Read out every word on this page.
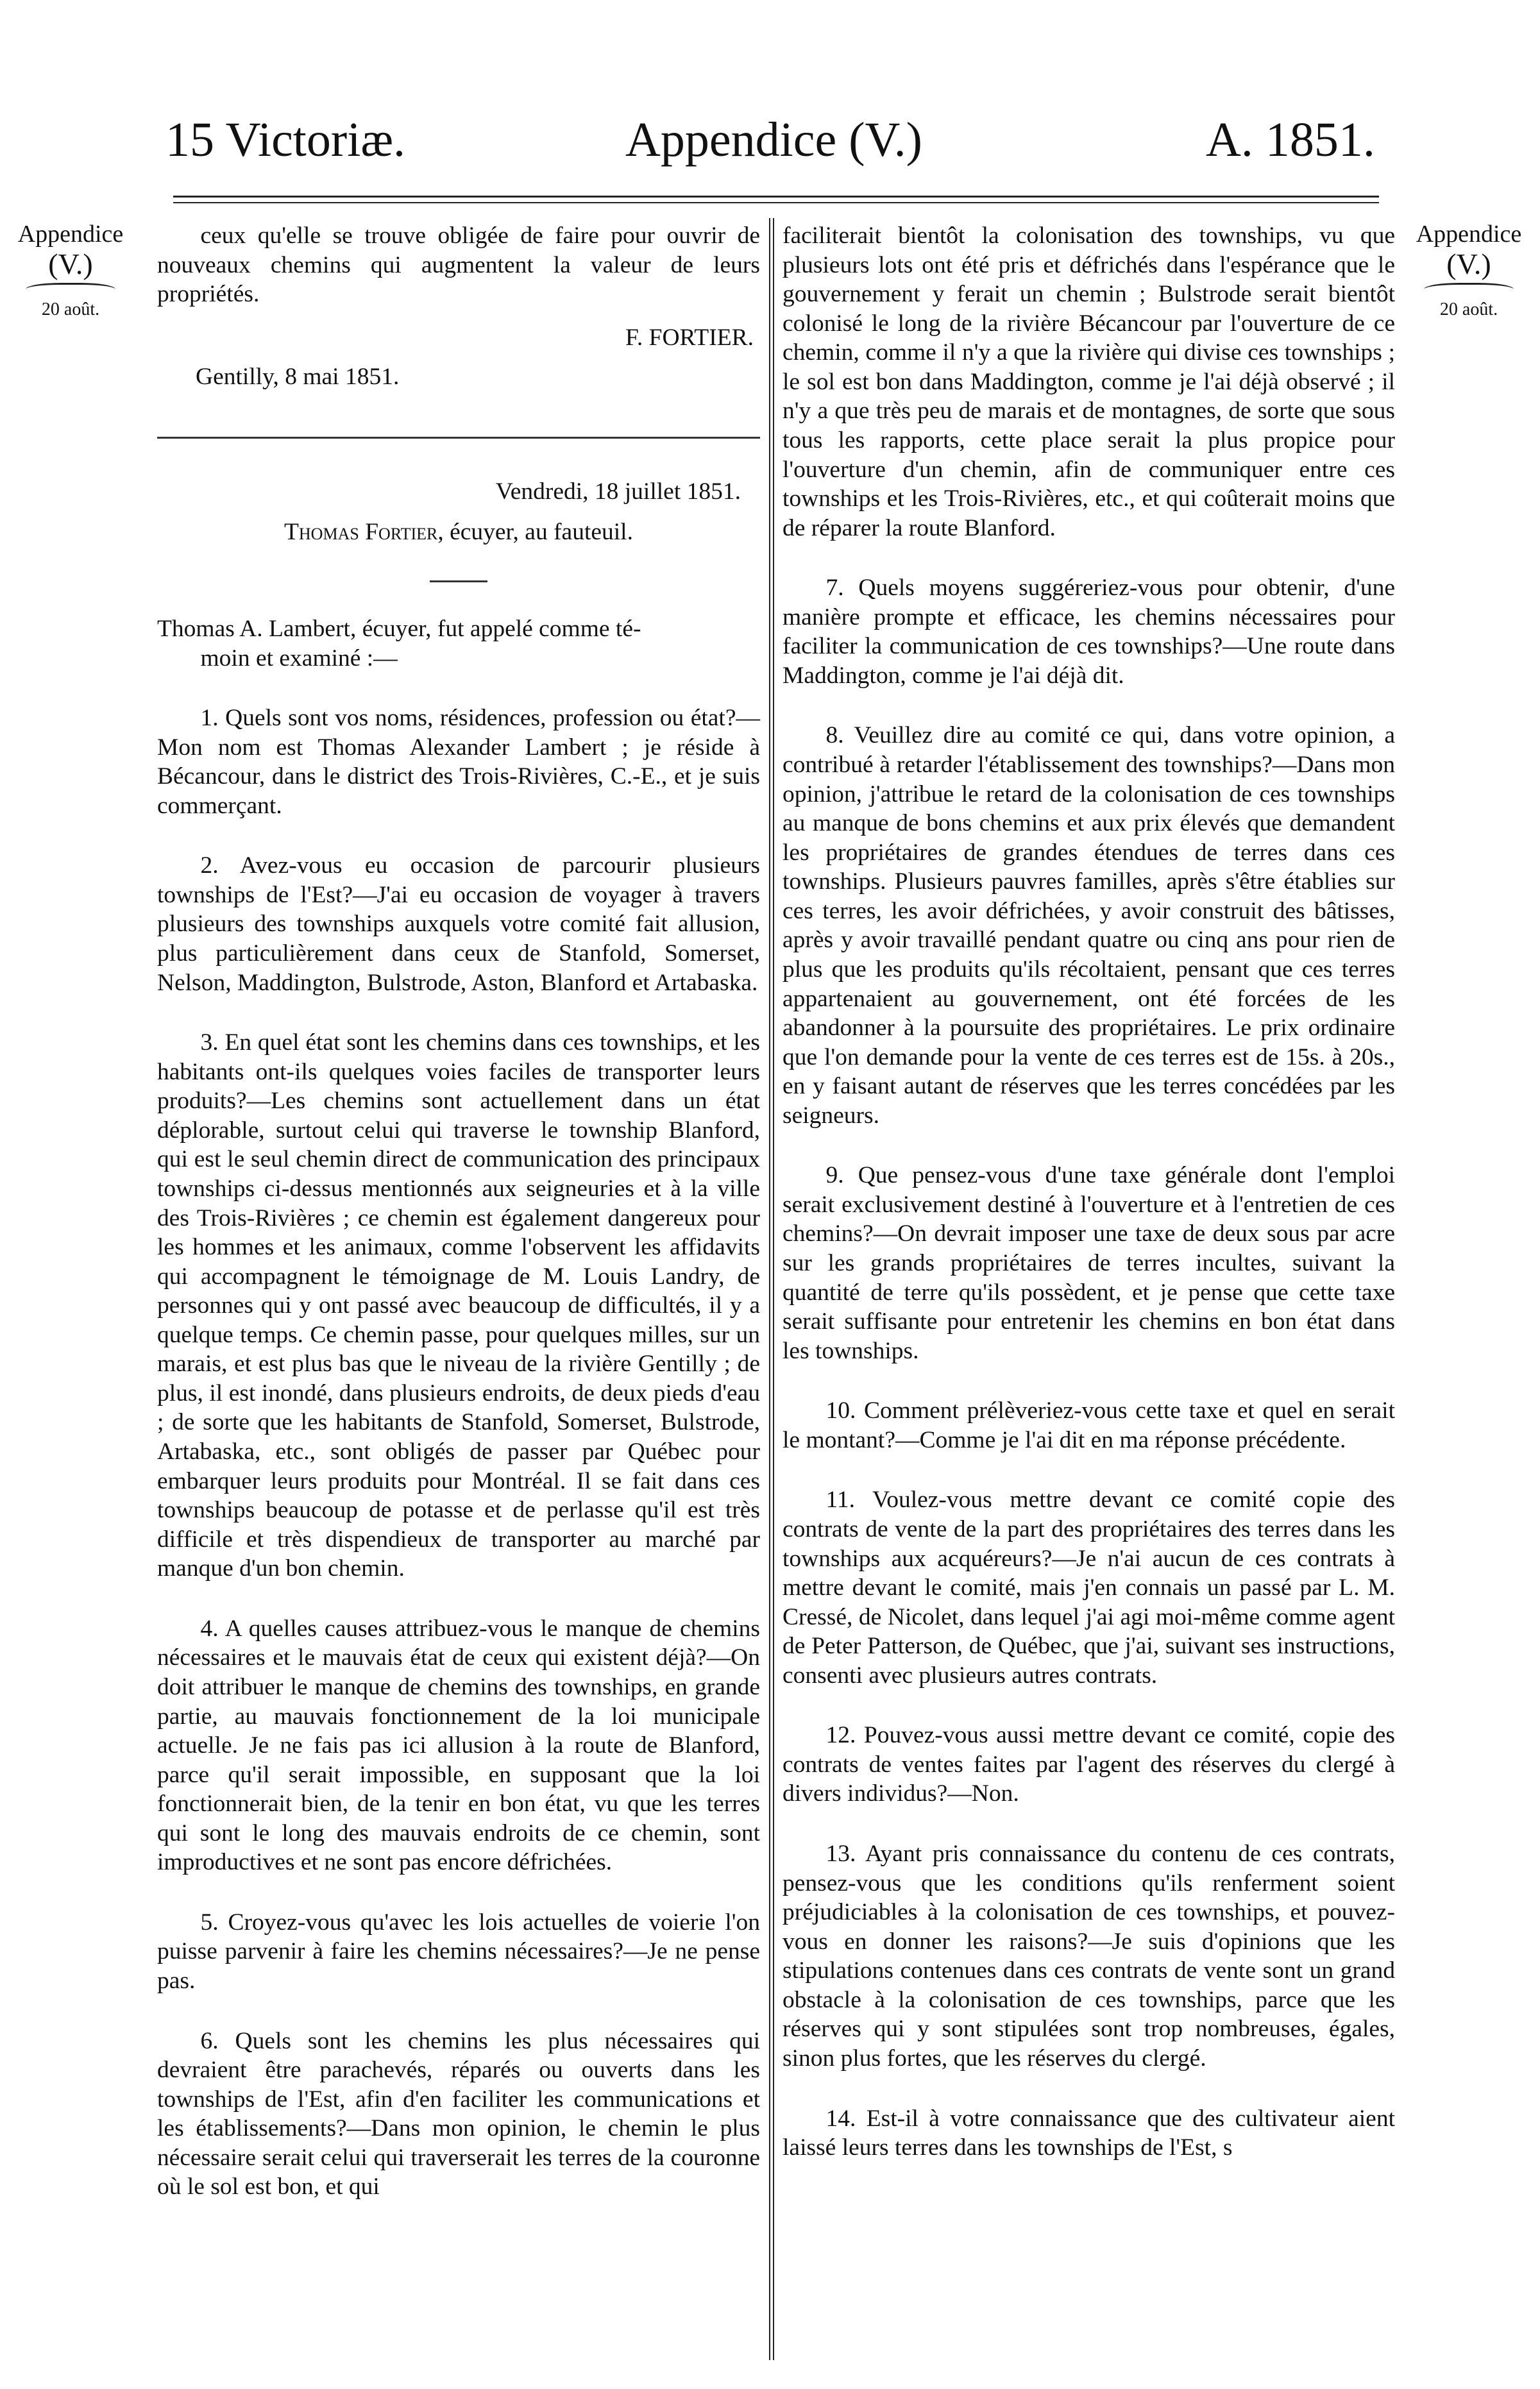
15 Victoriæ.	Appendice (V.)	A. 1851.
Appendice
(V.)
20 août.
Appendice
(V.)
20 août.

ceux qu'elle se trouve obligée de faire pour ouvrir de nouveaux chemins qui augmentent la valeur de leurs propriétés.

F. FORTIER.

Gentilly, 8 mai 1851.

Vendredi, 18 juillet 1851.

Thomas Fortier, écuyer, au fauteuil.

Thomas A. Lambert, écuyer, fut appelé comme té-
moin et examiné :—

1. Quels sont vos noms, résidences, profession ou état?—Mon nom est Thomas Alexander Lambert ; je réside à Bécancour, dans le district des Trois-Rivières, C.-E., et je suis commerçant.

2. Avez-vous eu occasion de parcourir plusieurs townships de l'Est?—J'ai eu occasion de voyager à travers plusieurs des townships auxquels votre comité fait allusion, plus particulièrement dans ceux de Stanfold, Somerset, Nelson, Maddington, Bulstrode, Aston, Blanford et Artabaska.

3. En quel état sont les chemins dans ces townships, et les habitants ont-ils quelques voies faciles de transporter leurs produits?—Les chemins sont actuellement dans un état déplorable, surtout celui qui traverse le township Blanford, qui est le seul chemin direct de communication des principaux townships ci-dessus mentionnés aux seigneuries et à la ville des Trois-Rivières ; ce chemin est également dangereux pour les hommes et les animaux, comme l'observent les affidavits qui accompagnent le témoignage de M. Louis Landry, de personnes qui y ont passé avec beaucoup de difficultés, il y a quelque temps. Ce chemin passe, pour quelques milles, sur un marais, et est plus bas que le niveau de la rivière Gentilly ; de plus, il est inondé, dans plusieurs endroits, de deux pieds d'eau ; de sorte que les habitants de Stanfold, Somerset, Bulstrode, Artabaska, etc., sont obligés de passer par Québec pour embarquer leurs produits pour Montréal. Il se fait dans ces townships beaucoup de potasse et de perlasse qu'il est très difficile et très dispendieux de transporter au marché par manque d'un bon chemin.

4. A quelles causes attribuez-vous le manque de chemins nécessaires et le mauvais état de ceux qui existent déjà?—On doit attribuer le manque de chemins des townships, en grande partie, au mauvais fonctionnement de la loi municipale actuelle. Je ne fais pas ici allusion à la route de Blanford, parce qu'il serait impossible, en supposant que la loi fonctionnerait bien, de la tenir en bon état, vu que les terres qui sont le long des mauvais endroits de ce chemin, sont improductives et ne sont pas encore défrichées.

5. Croyez-vous qu'avec les lois actuelles de voierie l'on puisse parvenir à faire les chemins nécessaires?—Je ne pense pas.

6. Quels sont les chemins les plus nécessaires qui devraient être parachevés, réparés ou ouverts dans les townships de l'Est, afin d'en faciliter les communications et les établissements?—Dans mon opinion, le chemin le plus nécessaire serait celui qui traverserait les terres de la couronne où le sol est bon, et qui

faciliterait bientôt la colonisation des townships, vu que plusieurs lots ont été pris et défrichés dans l'espérance que le gouvernement y ferait un chemin ; Bulstrode serait bientôt colonisé le long de la rivière Bécancour par l'ouverture de ce chemin, comme il n'y a que la rivière qui divise ces townships ; le sol est bon dans Maddington, comme je l'ai déjà observé ; il n'y a que très peu de marais et de montagnes, de sorte que sous tous les rapports, cette place serait la plus propice pour l'ouverture d'un chemin, afin de communiquer entre ces townships et les Trois-Rivières, etc., et qui coûterait moins que de réparer la route Blanford.

7. Quels moyens suggéreriez-vous pour obtenir, d'une manière prompte et efficace, les chemins nécessaires pour faciliter la communication de ces townships?—Une route dans Maddington, comme je l'ai déjà dit.

8. Veuillez dire au comité ce qui, dans votre opinion, a contribué à retarder l'établissement des townships?—Dans mon opinion, j'attribue le retard de la colonisation de ces townships au manque de bons chemins et aux prix élevés que demandent les propriétaires de grandes étendues de terres dans ces townships. Plusieurs pauvres familles, après s'être établies sur ces terres, les avoir défrichées, y avoir construit des bâtisses, après y avoir travaillé pendant quatre ou cinq ans pour rien de plus que les produits qu'ils récoltaient, pensant que ces terres appartenaient au gouvernement, ont été forcées de les abandonner à la poursuite des propriétaires. Le prix ordinaire que l'on demande pour la vente de ces terres est de 15s. à 20s., en y faisant autant de réserves que les terres concédées par les seigneurs.

9. Que pensez-vous d'une taxe générale dont l'emploi serait exclusivement destiné à l'ouverture et à l'entretien de ces chemins?—On devrait imposer une taxe de deux sous par acre sur les grands propriétaires de terres incultes, suivant la quantité de terre qu'ils possèdent, et je pense que cette taxe serait suffisante pour entretenir les chemins en bon état dans les townships.

10. Comment prélèveriez-vous cette taxe et quel en serait le montant?—Comme je l'ai dit en ma réponse précédente.

11. Voulez-vous mettre devant ce comité copie des contrats de vente de la part des propriétaires des terres dans les townships aux acquéreurs?—Je n'ai aucun de ces contrats à mettre devant le comité, mais j'en connais un passé par L. M. Cressé, de Nicolet, dans lequel j'ai agi moi-même comme agent de Peter Patterson, de Québec, que j'ai, suivant ses instructions, consenti avec plusieurs autres contrats.

12. Pouvez-vous aussi mettre devant ce comité, copie des contrats de ventes faites par l'agent des réserves du clergé à divers individus?—Non.

13. Ayant pris connaissance du contenu de ces contrats, pensez-vous que les conditions qu'ils renferment soient préjudiciables à la colonisation de ces townships, et pouvez-vous en donner les raisons?—Je suis d'opinions que les stipulations contenues dans ces contrats de vente sont un grand obstacle à la colonisation de ces townships, parce que les réserves qui y sont stipulées sont trop nombreuses, égales, sinon plus fortes, que les réserves du clergé.

14. Est-il à votre connaissance que des cultivateur aient laissé leurs terres dans les townships de l'Est, s
